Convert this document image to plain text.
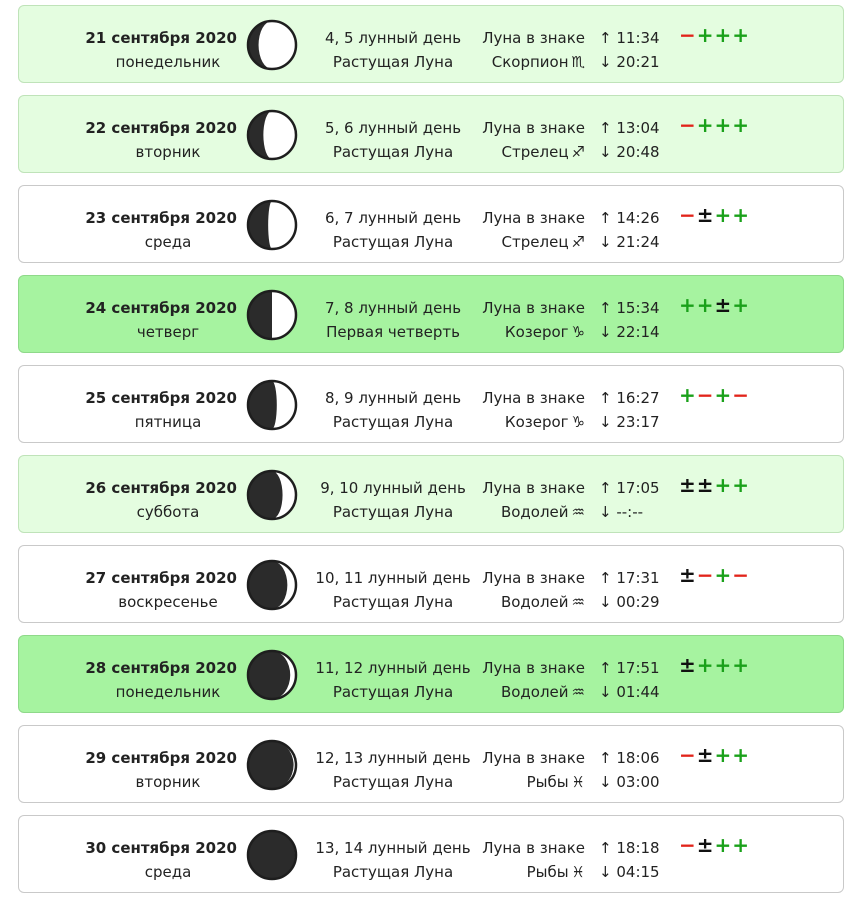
21 сентября 2020
понедельник
4, 5 лунный день
Растущая Луна
Луна в знаке
Скорпион ♏
↑ 11:34
↓ 20:21
−+++
22 сентября 2020
вторник
5, 6 лунный день
Растущая Луна
Луна в знаке
Стрелец ♐
↑ 13:04
↓ 20:48
−+++
23 сентября 2020
среда
6, 7 лунный день
Растущая Луна
Луна в знаке
Стрелец ♐
↑ 14:26
↓ 21:24
−±++
24 сентября 2020
четверг
7, 8 лунный день
Первая четверть
Луна в знаке
Козерог ♑
↑ 15:34
↓ 22:14
++±+
25 сентября 2020
пятница
8, 9 лунный день
Растущая Луна
Луна в знаке
Козерог ♑
↑ 16:27
↓ 23:17
+−+−
26 сентября 2020
суббота
9, 10 лунный день
Растущая Луна
Луна в знаке
Водолей ♒
↑ 17:05
↓ --:--
±±++
27 сентября 2020
воскресенье
10, 11 лунный день
Растущая Луна
Луна в знаке
Водолей ♒
↑ 17:31
↓ 00:29
±−+−
28 сентября 2020
понедельник
11, 12 лунный день
Растущая Луна
Луна в знаке
Водолей ♒
↑ 17:51
↓ 01:44
±+++
29 сентября 2020
вторник
12, 13 лунный день
Растущая Луна
Луна в знаке
Рыбы ♓
↑ 18:06
↓ 03:00
−±++
30 сентября 2020
среда
13, 14 лунный день
Растущая Луна
Луна в знаке
Рыбы ♓
↑ 18:18
↓ 04:15
−±++
